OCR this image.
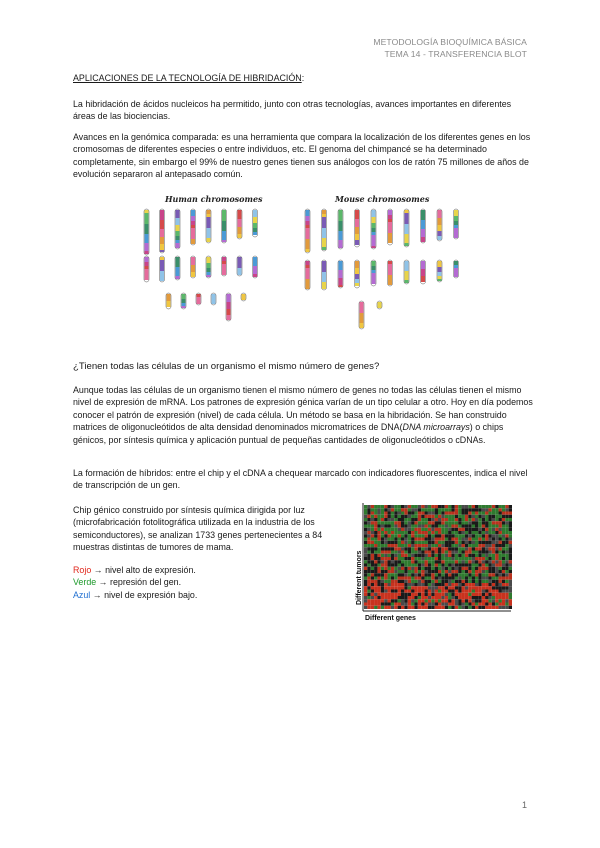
METODOLOGÍA BIOQUÍMICA BÁSICA
TEMA 14 - TRANSFERENCIA BLOT
APLICACIONES DE LA TECNOLOGÍA DE HIBRIDACIÓN:
La hibridación de ácidos nucleicos ha permitido, junto con otras tecnologías, avances importantes en diferentes áreas de las biociencias.
Avances en la genómica comparada: es una herramienta que compara la localización de los diferentes genes en los cromosomas de diferentes especies o entre individuos, etc. El genoma del chimpancé se ha determinado completamente, sin embargo el 99% de nuestro genes tienen sus análogos con los de ratón 75 millones de años de evolución separaron al antepasado común.
Human chromosomes	Mouse chromosomes
¿Tienen todas las células de un organismo el mismo número de genes?
Aunque todas las células de un organismo tienen el mismo número de genes no todas las células tienen el mismo nivel de expresión de mRNA. Los patrones de expresión génica varían de un tipo celular a otro. Hoy en día podemos conocer el patrón de expresión (nivel) de cada célula. Un método se basa en la hibridación. Se han construido matrices de oligonucleótidos de alta densidad denominados micromatrices de DNA(DNA microarrays) o chips génicos, por síntesis química y aplicación puntual de pequeñas cantidades de oligonucleótidos o cDNAs.
La formación de híbridos: entre el chip y el cDNA a chequear marcado con indicadores fluorescentes, indica el nivel de transcripción de un gen.
Chip génico construido por síntesis química dirigida por luz (microfabricación fotolitográfica utilizada en la industria de los semiconductores), se analizan 1733 genes pertenecientes a 84 muestras distintas de tumores de mama.
Rojo → nivel alto de expresión.
Verde → represión del gen.
Azul → nivel de expresión bajo.	Different tumors
Different genes
1
